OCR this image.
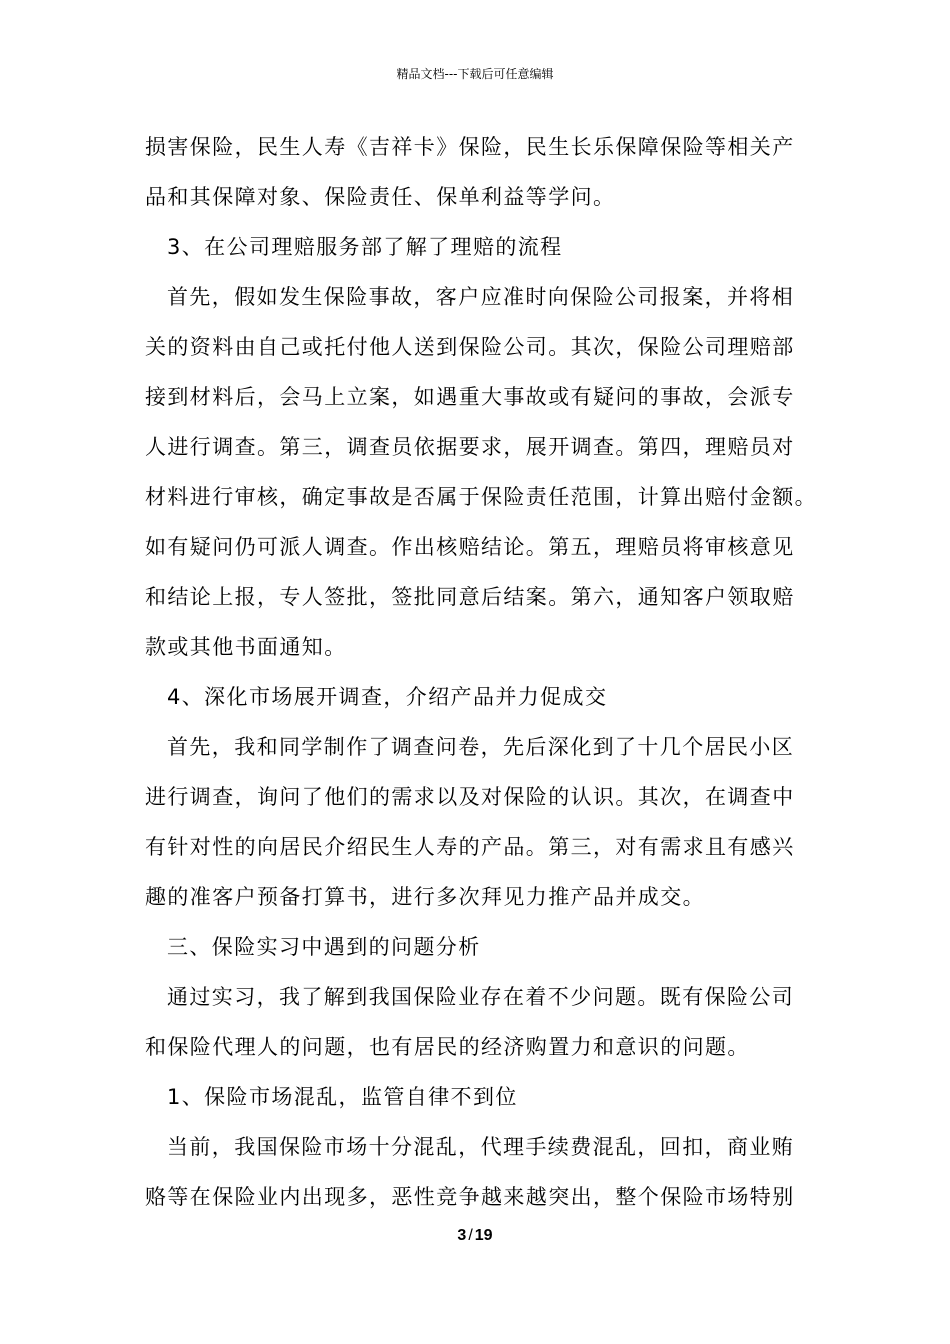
精品文档---下载后可任意编辑
损害保险，民生人寿《吉祥卡》保险，民生长乐保障保险等相关产
品和其保障对象、保险责任、保单利益等学问。
3、在公司理赔服务部了解了理赔的流程
首先，假如发生保险事故，客户应准时向保险公司报案，并将相
关的资料由自己或托付他人送到保险公司。其次，保险公司理赔部
接到材料后，会马上立案，如遇重大事故或有疑问的事故，会派专
人进行调查。第三，调查员依据要求，展开调查。第四，理赔员对
材料进行审核，确定事故是否属于保险责任范围，计算出赔付金额。
如有疑问仍可派人调查。作出核赔结论。第五，理赔员将审核意见
和结论上报，专人签批，签批同意后结案。第六，通知客户领取赔
款或其他书面通知。
4、深化市场展开调查，介绍产品并力促成交
首先，我和同学制作了调查问卷，先后深化到了十几个居民小区
进行调查，询问了他们的需求以及对保险的认识。其次，在调查中
有针对性的向居民介绍民生人寿的产品。第三，对有需求且有感兴
趣的准客户预备打算书，进行多次拜见力推产品并成交。
三、保险实习中遇到的问题分析
通过实习，我了解到我国保险业存在着不少问题。既有保险公司
和保险代理人的问题，也有居民的经济购置力和意识的问题。
1、保险市场混乱，监管自律不到位
当前，我国保险市场十分混乱，代理手续费混乱，回扣，商业贿
赂等在保险业内出现多，恶性竞争越来越突出，整个保险市场特别
3 / 19
